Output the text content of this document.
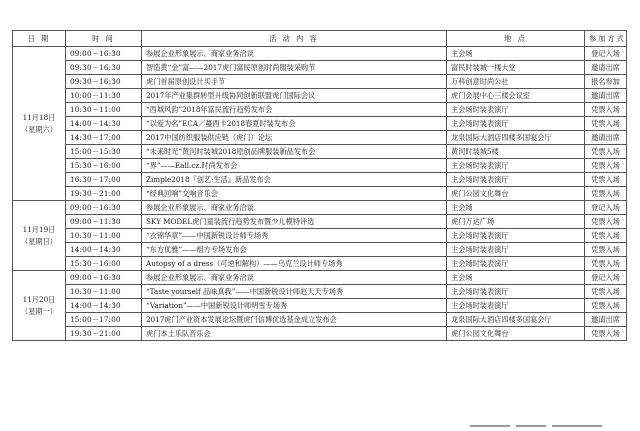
日 期	时 间	活 动 内 容	地 点	参加方式

11月18日
（星期六）	09:00－16:30	参展企业形象展示、商家业务洽谈	主会场	登记入场
	09:30－16:30	智造黄“金”富——2017虎门富民原创时尚服装采购节	富民时装城一楼大堂	邀请出席
	09:30－16:30	虎门首届原创设计买手节	万科创意时尚公社	报名参加
	10:00－11:30	2017年产业集群转型升级协同创新联盟虎门国际会议	虎门会展中心三楼会议室	邀请出席
	10:30－11:00	“西城风韵”2018年富民流行趋势发布会	主会场时装表演厅	凭票入场
	14:00－14:30	“以爱为名”ECA／蔓酉卡2018春夏时装发布会	主会场时装表演厅	凭票入场
	14:30－17:00	2017中国纺织服装供应链（虎门）论坛	龙泉国际大酒店四楼多国宴会厅	邀请出席
	15:00－15:30	“未来时光”黄河时装城2018原创品牌服装新品发布会	黄河时装城5楼	凭票入场
	15:30－16:00	“界”——Eall.cz.时尚发布会	主会场时装表演厅	凭票入场
	16:30－17:00	Zimple2018『创艺·生活』新品发布会	主会场时装表演厅	凭票入场
	19:30－21:00	“经典回响”交响音乐会	虎门公园文化舞台	凭票入场

11月19日
（星期日）	09:00－16:30	参展企业形象展示、商家业务洽谈	主会场	登记入场
	09:00－11:30	SKY MODEL虎门童装流行趋势发布暨少儿模特评选	虎门万达广场	凭票入场
	10:30－11:00	“衣锦华章”——中国新锐设计师专场秀	主会场时装表演厅	凭票入场
	14:00－14:30	“东方优雅”——组方专场发布会	主会场时装表演厅	凭票入场
	15:30－16:00	Autopsy of a dress（可逆和解构）——乌克兰设计师专场秀	主会场时装表演厅	凭票入场

11月20日
（星期一）	09:00－16:30	参展企业形象展示、商家业务洽谈	主会场	登记入场
	10:30－11:00	“Taste yourself 品味真我”——中国新锐设计师赵天天专场秀	主会场时装表演厅	凭票入场
	14:00－14:30	“Variation”——中国新锐设计师明雪专场秀	主会场时装表演厅	凭票入场
	15:00－17:00	2017虎门产业资本发展论坛暨虎门信博优选基金成立发布会	龙泉国际大酒店四楼多国宴会厅	邀请出席
	19:30－21:00	虎门本土乐队音乐会	虎门公园文化舞台	凭票入场
